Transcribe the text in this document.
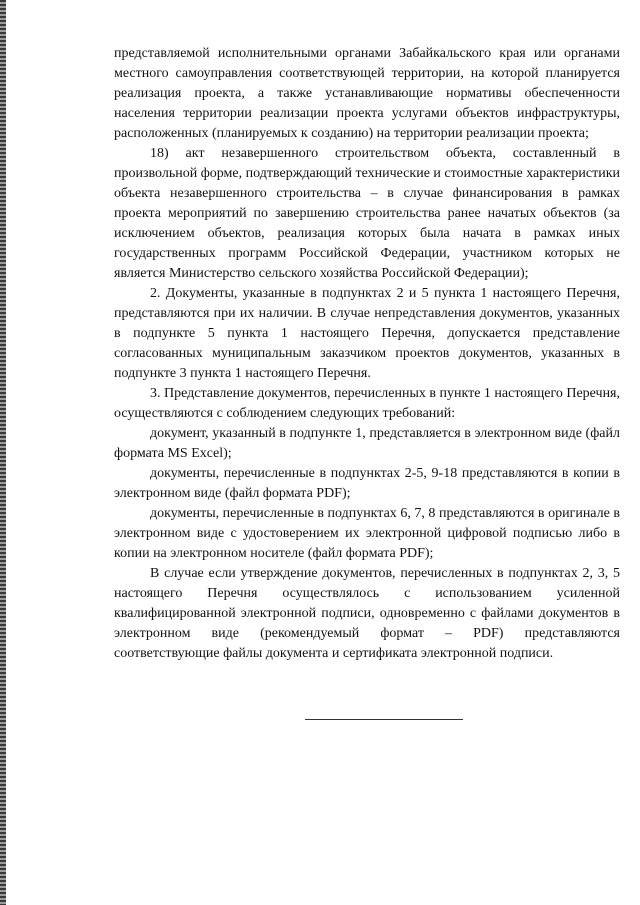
представляемой исполнительными органами Забайкальского края или органами местного самоуправления соответствующей территории, на которой планируется реализация проекта, а также устанавливающие нормативы обеспеченности населения территории реализации проекта услугами объектов инфраструктуры, расположенных (планируемых к созданию) на территории реализации проекта;

18) акт незавершенного строительством объекта, составленный в произвольной форме, подтверждающий технические и стоимостные характеристики объекта незавершенного строительства – в случае финансирования в рамках проекта мероприятий по завершению строительства ранее начатых объектов (за исключением объектов, реализация которых была начата в рамках иных государственных программ Российской Федерации, участником которых не является Министерство сельского хозяйства Российской Федерации);

2. Документы, указанные в подпунктах 2 и 5 пункта 1 настоящего Перечня, представляются при их наличии. В случае непредставления документов, указанных в подпункте 5 пункта 1 настоящего Перечня, допускается представление согласованных муниципальным заказчиком проектов документов, указанных в подпункте 3 пункта 1 настоящего Перечня.

3. Представление документов, перечисленных в пункте 1 настоящего Перечня, осуществляются с соблюдением следующих требований:

документ, указанный в подпункте 1, представляется в электронном виде (файл формата MS Excel);

документы, перечисленные в подпунктах 2-5, 9-18 представляются в копии в электронном виде (файл формата PDF);

документы, перечисленные в подпунктах 6, 7, 8 представляются в оригинале в электронном виде с удостоверением их электронной цифровой подписью либо в копии на электронном носителе (файл формата PDF);

В случае если утверждение документов, перечисленных в подпунктах 2, 3, 5 настоящего Перечня осуществлялось с использованием усиленной квалифицированной электронной подписи, одновременно с файлами документов в электронном виде (рекомендуемый формат – PDF) представляются соответствующие файлы документа и сертификата электронной подписи.
